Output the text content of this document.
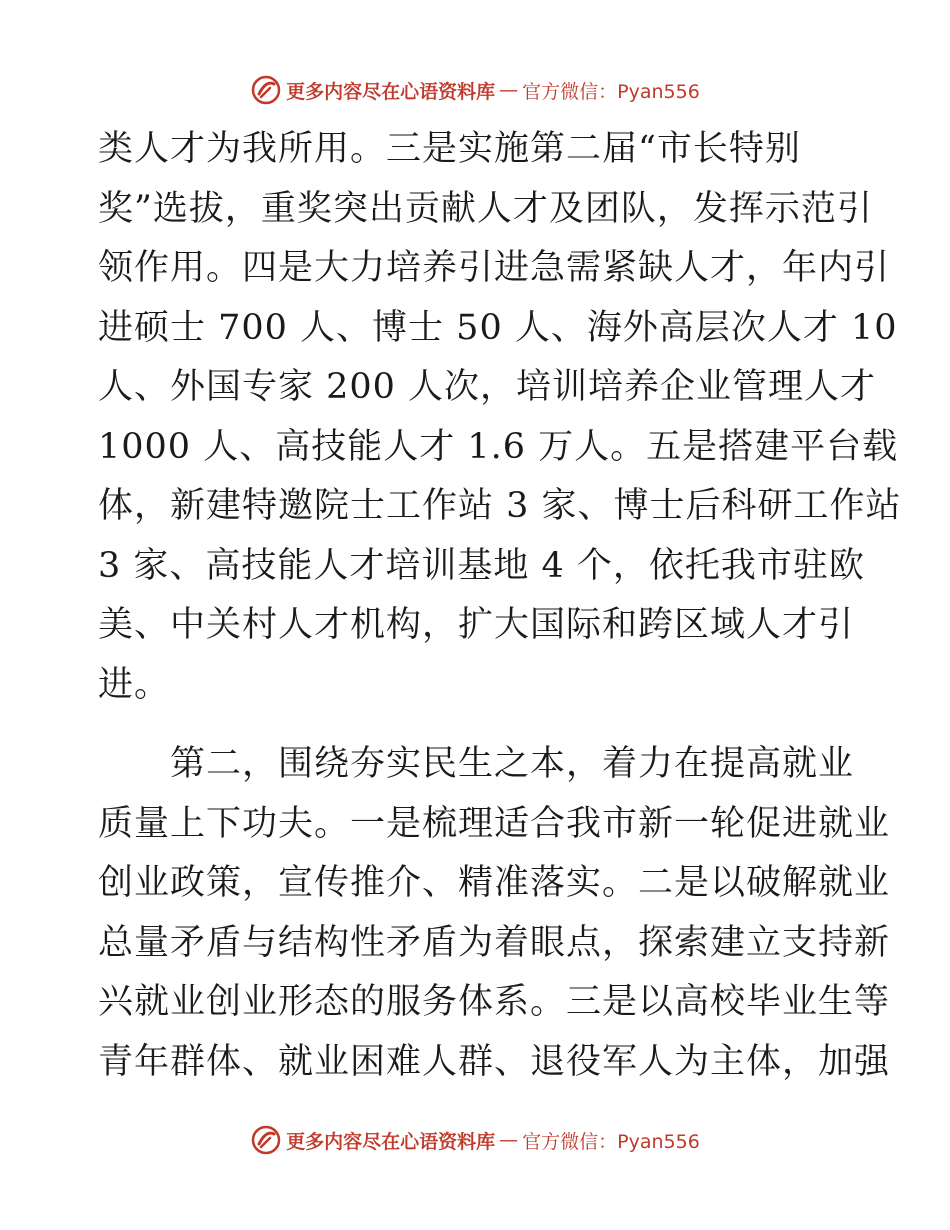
更多内容尽在心语资料库 — 官方微信：Pyan556
类人才为我所用。三是实施第二届“市长特别
奖”选拔，重奖突出贡献人才及团队，发挥示范引
领作用。四是大力培养引进急需紧缺人才，年内引
进硕士 700 人、博士 50 人、海外高层次人才 10
人、外国专家 200 人次，培训培养企业管理人才
1000 人、高技能人才 1.6 万人。五是搭建平台载
体，新建特邀院士工作站 3 家、博士后科研工作站
3 家、高技能人才培训基地 4 个，依托我市驻欧
美、中关村人才机构，扩大国际和跨区域人才引
进。
　　第二，围绕夯实民生之本，着力在提高就业
质量上下功夫。一是梳理适合我市新一轮促进就业
创业政策，宣传推介、精准落实。二是以破解就业
总量矛盾与结构性矛盾为着眼点，探索建立支持新
兴就业创业形态的服务体系。三是以高校毕业生等
青年群体、就业困难人群、退役军人为主体，加强
更多内容尽在心语资料库 — 官方微信：Pyan556
